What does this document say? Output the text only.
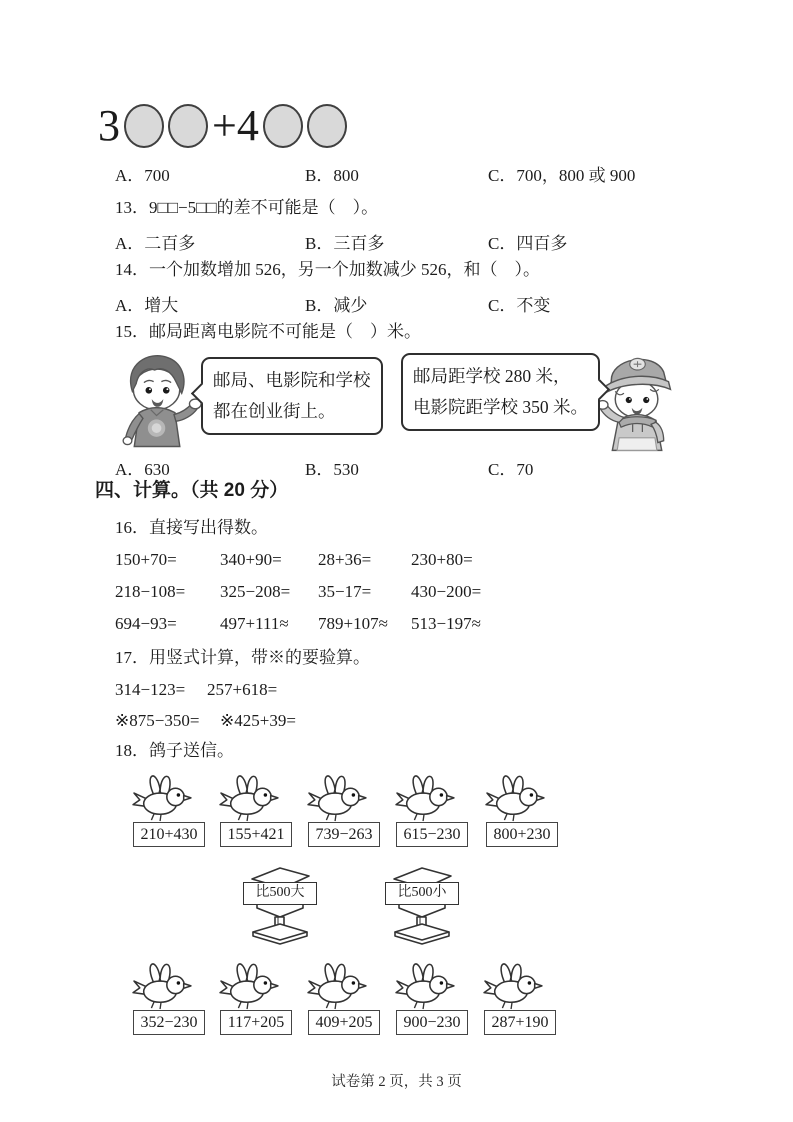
3 +4
A．700	B．800	C．700，800 或 900
13．9□□−5□□的差不可能是（　）。
A．二百多	B．三百多	C．四百多
14．一个加数增加 526，另一个加数减少 526，和（　）。
A．增大	B．减少	C．不变
15．邮局距离电影院不可能是（　）米。
邮局、电影院和学校
都在创业街上。
邮局距学校 280 米，
电影院距学校 350 米。
A．630	B．530	C．70
四、计算。（共 20 分）
16．直接写出得数。
150+70=	340+90= 28+36= 230+80=
218−108= 325−208= 35−17= 430−200=
694−93=	497+111≈ 789+107≈ 513−197≈
17．用竖式计算，带※的要验算。
314−123= 257+618=
※875−350= ※425+39=
18．鸽子送信。
210+430	155+421	739−263	615−230	800+230
比500大	比500小
352−230	117+205	409+205	900−230	287+190
试卷第 2 页，共 3 页
